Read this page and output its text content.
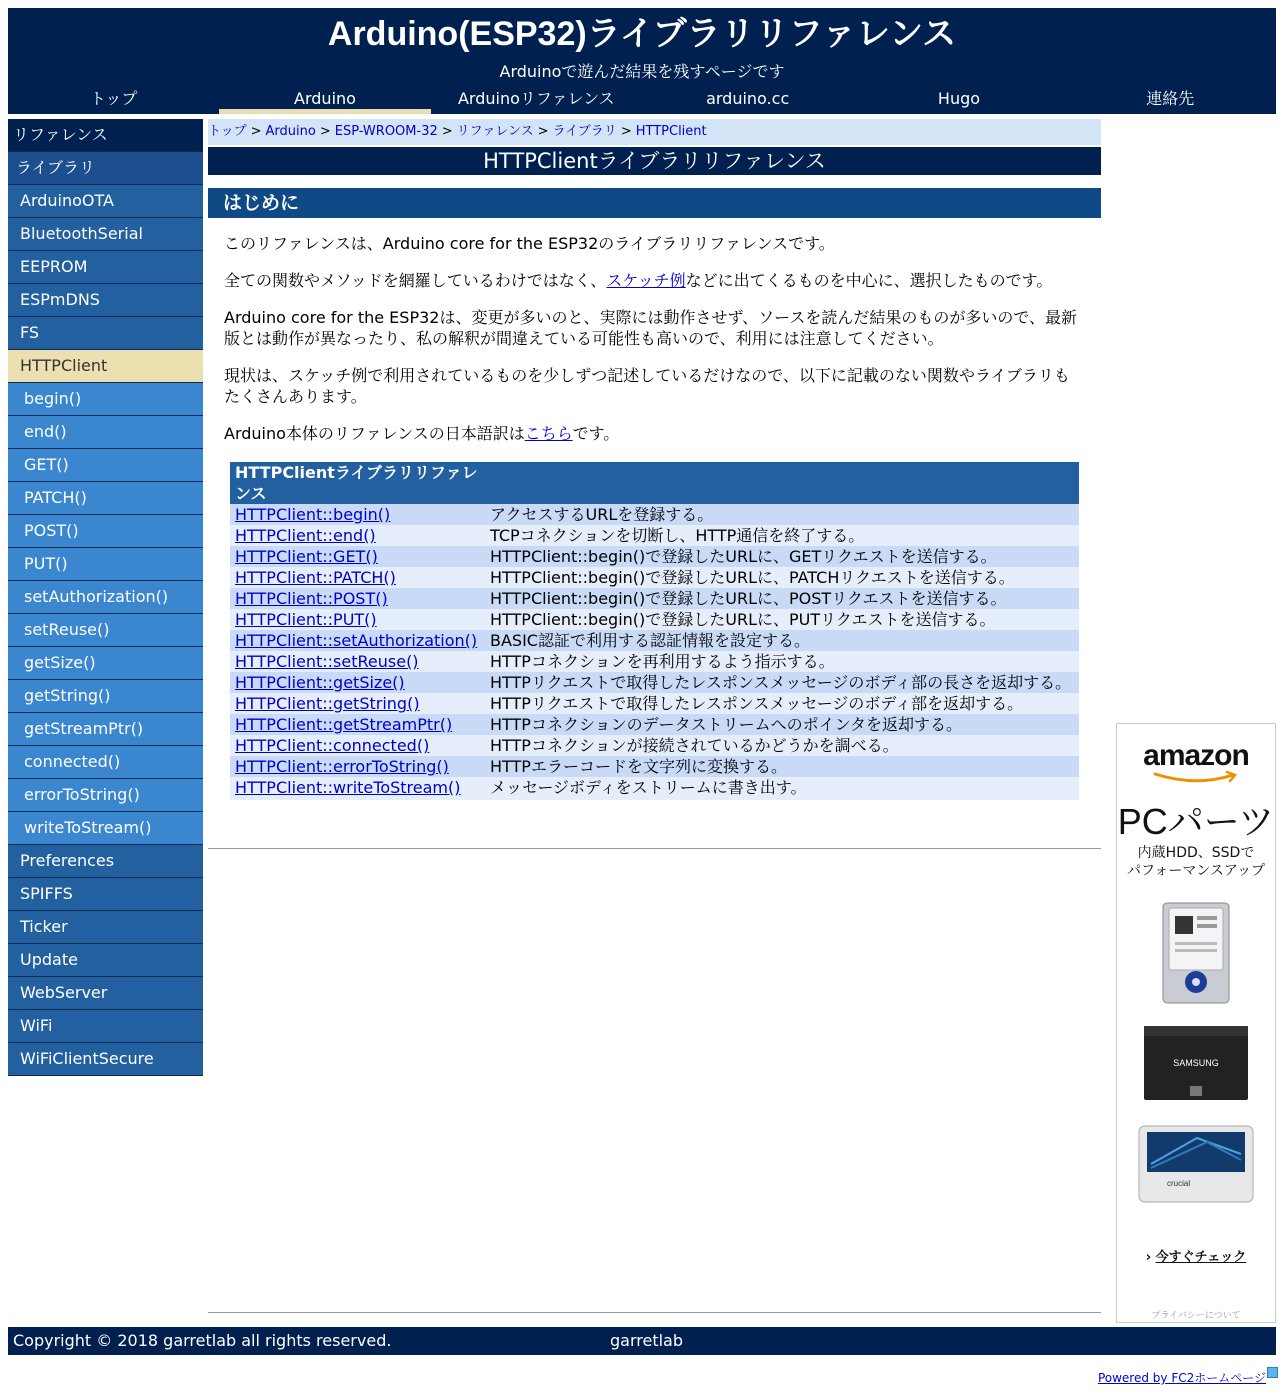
Arduino(ESP32)ライブラリリファレンス
Arduinoで遊んだ結果を残すページです
トップ	Arduino	Arduinoリファレンス	arduino.cc	Hugo	連絡先
リファレンス
ライブラリ
ArduinoOTA
BluetoothSerial
EEPROM
ESPmDNS
FS
HTTPClient
begin()
end()
GET()
PATCH()
POST()
PUT()
setAuthorization()
setReuse()
getSize()
getString()
getStreamPtr()
connected()
errorToString()
writeToStream()
Preferences
SPIFFS
Ticker
Update
WebServer
WiFi
WiFiClientSecure
トップ > Arduino > ESP-WROOM-32 > リファレンス > ライブラリ > HTTPClient
HTTPClientライブラリリファレンス
はじめに

このリファレンスは、Arduino core for the ESP32のライブラリリファレンスです。

全ての関数やメソッドを網羅しているわけではなく、スケッチ例などに出てくるものを中心に、選択したものです。

Arduino core for the ESP32は、変更が多いのと、実際には動作させず、ソースを読んだ結果のものが多いので、最新版とは動作が異なったり、私の解釈が間違えている可能性も高いので、利用には注意してください。

現状は、スケッチ例で利用されているものを少しずつ記述しているだけなので、以下に記載のない関数やライブラリもたくさんあります。

Arduino本体のリファレンスの日本語訳はこちらです。

HTTPClientライブラリリファレンス	
HTTPClient::begin()	アクセスするURLを登録する。
HTTPClient::end()	TCPコネクションを切断し、HTTP通信を終了する。
HTTPClient::GET()	HTTPClient::begin()で登録したURLに、GETリクエストを送信する。
HTTPClient::PATCH()	HTTPClient::begin()で登録したURLに、PATCHリクエストを送信する。
HTTPClient::POST()	HTTPClient::begin()で登録したURLに、POSTリクエストを送信する。
HTTPClient::PUT()	HTTPClient::begin()で登録したURLに、PUTリクエストを送信する。
HTTPClient::setAuthorization()	BASIC認証で利用する認証情報を設定する。
HTTPClient::setReuse()	HTTPコネクションを再利用するよう指示する。
HTTPClient::getSize()	HTTPリクエストで取得したレスポンスメッセージのボディ部の長さを返却する。
HTTPClient::getString()	HTTPリクエストで取得したレスポンスメッセージのボディ部を返却する。
HTTPClient::getStreamPtr()	HTTPコネクションのデータストリームへのポインタを返却する。
HTTPClient::connected()	HTTPコネクションが接続されているかどうかを調べる。
HTTPClient::errorToString()	HTTPエラーコードを文字列に変換する。
HTTPClient::writeToStream()	メッセージボディをストリームに書き出す。
amazon
PCパーツ
内蔵HDD、SSDで
パフォーマンスアップ
SAMSUNG
crucial
› 今すぐチェック
プライバシーについて
Copyright © 2018 garretlab all rights reserved.	garretlab
Powered by FC2ホームページ
